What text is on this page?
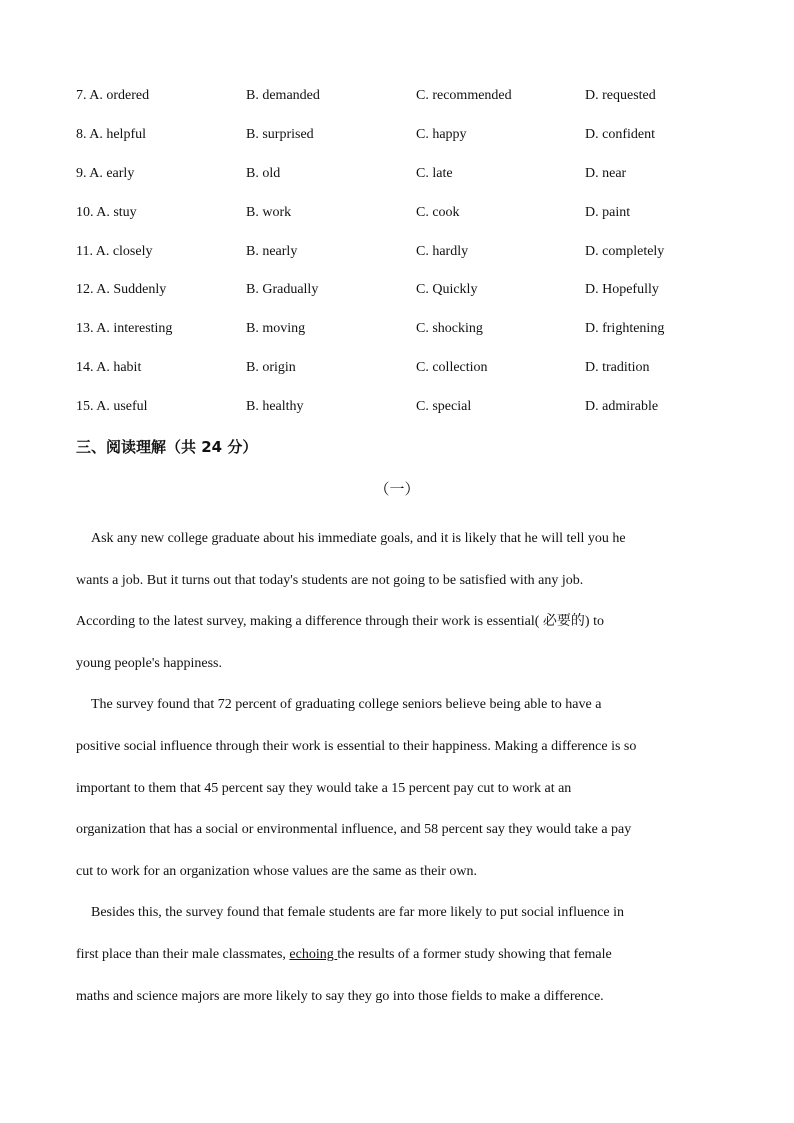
7. A. ordered	B. demanded	C. recommended	D. requested
8. A. helpful	B. surprised	C. happy	D. confident
9. A. early	B. old	C. late	D. near
10. A. stuy	B. work	C. cook	D. paint
11. A. closely	B. nearly	C. hardly	D. completely
12. A. Suddenly	B. Gradually	C. Quickly	D. Hopefully
13. A. interesting	B. moving	C. shocking	D. frightening
14. A. habit	B. origin	C. collection	D. tradition
15. A. useful	B. healthy	C. special	D. admirable
三、阅读理解（共 24 分）
（一）
Ask any new college graduate about his immediate goals, and it is likely that he will tell you he
wants a job. But it turns out that today's students are not going to be satisfied with any job.
According to the latest survey, making a difference through their work is essential( 必要的) to
young people's happiness.
The survey found that 72 percent of graduating college seniors believe being able to have a
positive social influence through their work is essential to their happiness. Making a difference is so
important to them that 45 percent say they would take a 15 percent pay cut to work at an
organization that has a social or environmental influence, and 58 percent say they would take a pay
cut to work for an organization whose values are the same as their own.
Besides this, the survey found that female students are far more likely to put social influence in
first place than their male classmates, echoing the results of a former study showing that female
maths and science majors are more likely to say they go into those fields to make a difference.
